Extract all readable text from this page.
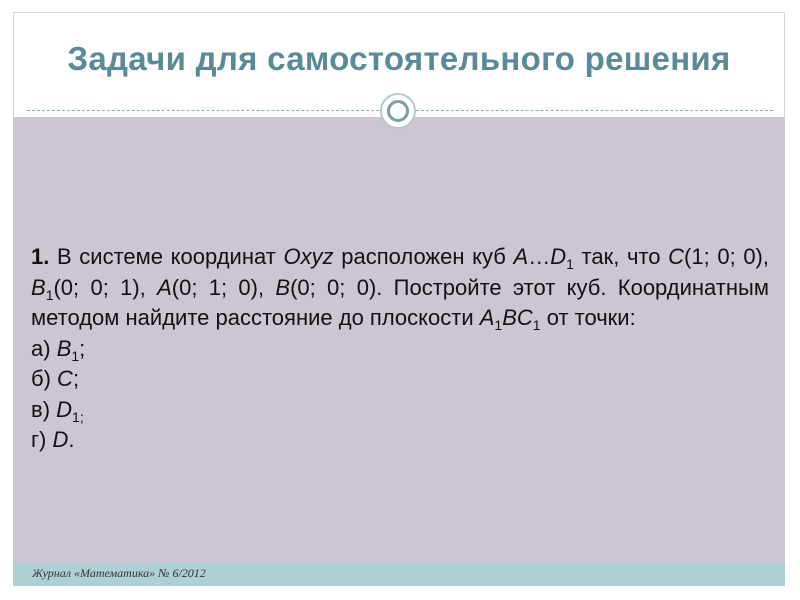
Задачи для самостоятельного решения

1. В системе координат Oxyz расположен куб $A\dots D_1$ так, что C(1; 0; 0), $B_1(0$; 0; 1), A(0; 1; 0), B(0; 0; 0). Постройте этот куб. Координатным методом найдите расстояние до плоскости $A_1BC_1$ от точки:

а) $B_1$;

б) C;

в) $D_{1;}$

г) D.

Журнал «Математика» № 6/2012
